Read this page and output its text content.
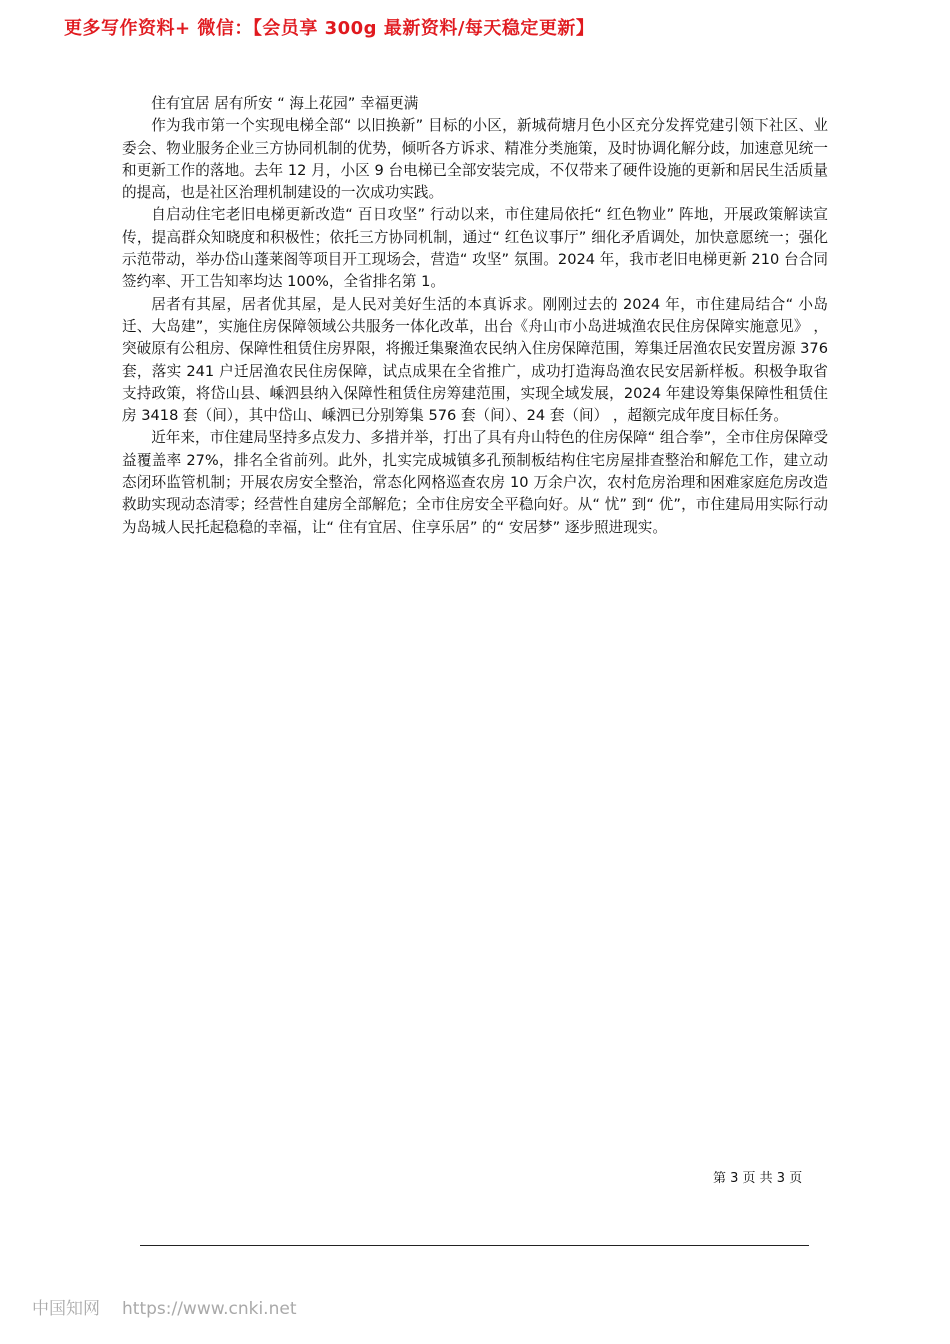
更多写作资料+ 微信：【会员享 300g 最新资料/每天稳定更新】

住有宜居 居有所安 “ 海上花园” 幸福更满

作为我市第一个实现电梯全部“ 以旧换新” 目标的小区，新城荷塘月色小区充分发挥党建引领下社区、业委会、物业服务企业三方协同机制的优势，倾听各方诉求、精准分类施策，及时协调化解分歧，加速意见统一和更新工作的落地。去年 12 月，小区 9 台电梯已全部安装完成，不仅带来了硬件设施的更新和居民生活质量的提高，也是社区治理机制建设的一次成功实践。

自启动住宅老旧电梯更新改造“ 百日攻坚” 行动以来，市住建局依托“ 红色物业” 阵地，开展政策解读宣传，提高群众知晓度和积极性；依托三方协同机制，通过“ 红色议事厅” 细化矛盾调处，加快意愿统一；强化示范带动，举办岱山蓬莱阁等项目开工现场会，营造“ 攻坚” 氛围。2024 年，我市老旧电梯更新 210 台合同签约率、开工告知率均达 100%，全省排名第 1。

居者有其屋，居者优其屋，是人民对美好生活的本真诉求。刚刚过去的 2024 年，市住建局结合“ 小岛迁、大岛建”，实施住房保障领域公共服务一体化改革，出台《舟山市小岛进城渔农民住房保障实施意见》 ，突破原有公租房、保障性租赁住房界限，将搬迁集聚渔农民纳入住房保障范围，筹集迁居渔农民安置房源 376 套，落实 241 户迁居渔农民住房保障，试点成果在全省推广，成功打造海岛渔农民安居新样板。积极争取省支持政策，将岱山县、嵊泗县纳入保障性租赁住房筹建范围，实现全域发展，2024 年建设筹集保障性租赁住房 3418 套（间），其中岱山、嵊泗已分别筹集 576 套（间）、24 套（间） ，超额完成年度目标任务。

近年来，市住建局坚持多点发力、多措并举，打出了具有舟山特色的住房保障“ 组合拳”，全市住房保障受益覆盖率 27%，排名全省前列。此外，扎实完成城镇多孔预制板结构住宅房屋排查整治和解危工作，建立动态闭环监管机制；开展农房安全整治，常态化网格巡查农房 10 万余户次，农村危房治理和困难家庭危房改造救助实现动态清零；经营性自建房全部解危；全市住房安全平稳向好。从“ 忧” 到“ 优”，市住建局用实际行动为岛城人民托起稳稳的幸福，让“ 住有宜居、住享乐居” 的“ 安居梦” 逐步照进现实。

第 3 页 共 3 页
中国知网 https://www.cnki.net
